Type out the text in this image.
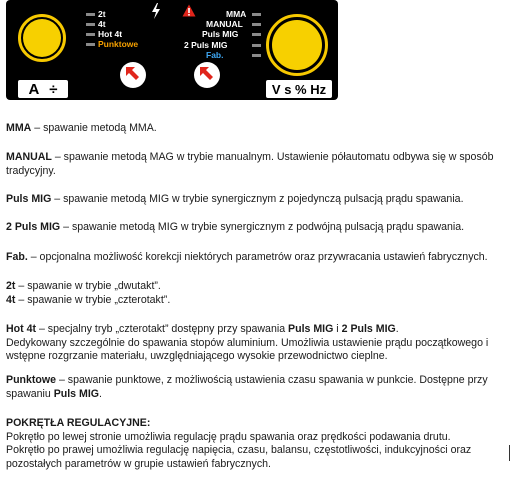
A ÷
2t
4t
Hot 4t
Punktowe
MMA
MANUAL
Puls MIG
2 Puls MIG
Fab.
V s % Hz
MMA – spawanie metodą MMA.
MANUAL – spawanie metodą MAG w trybie manualnym. Ustawienie półautomatu odbywa się w sposób
tradycyjny.
Puls MIG – spawanie metodą MIG w trybie synergicznym z pojedynczą pulsacją prądu spawania.
2 Puls MIG – spawanie metodą MIG w trybie synergicznym z podwójną pulsacją prądu spawania.
Fab. – opcjonalna możliwość korekcji niektórych parametrów oraz przywracania ustawień fabrycznych.
2t – spawanie w trybie „dwutakt”.
4t – spawanie w trybie „czterotakt”.
Hot 4t – specjalny tryb „czterotakt” dostępny przy spawania Puls MIG i 2 Puls MIG.
Dedykowany szczególnie do spawania stopów aluminium. Umożliwia ustawienie prądu początkowego i
wstępne rozgrzanie materiału, uwzględniającego wysokie przewodnictwo cieplne.
Punktowe – spawanie punktowe, z możliwością ustawienia czasu spawania w punkcie. Dostępne przy
spawaniu Puls MIG.
POKRĘTŁA REGULACYJNE:
Pokrętło po lewej stronie umożliwia regulację prądu spawania oraz prędkości podawania drutu.
Pokrętło po prawej umożliwia regulację napięcia, czasu, balansu, częstotliwości, indukcyjności oraz
pozostałych parametrów w grupie ustawień fabrycznych.
